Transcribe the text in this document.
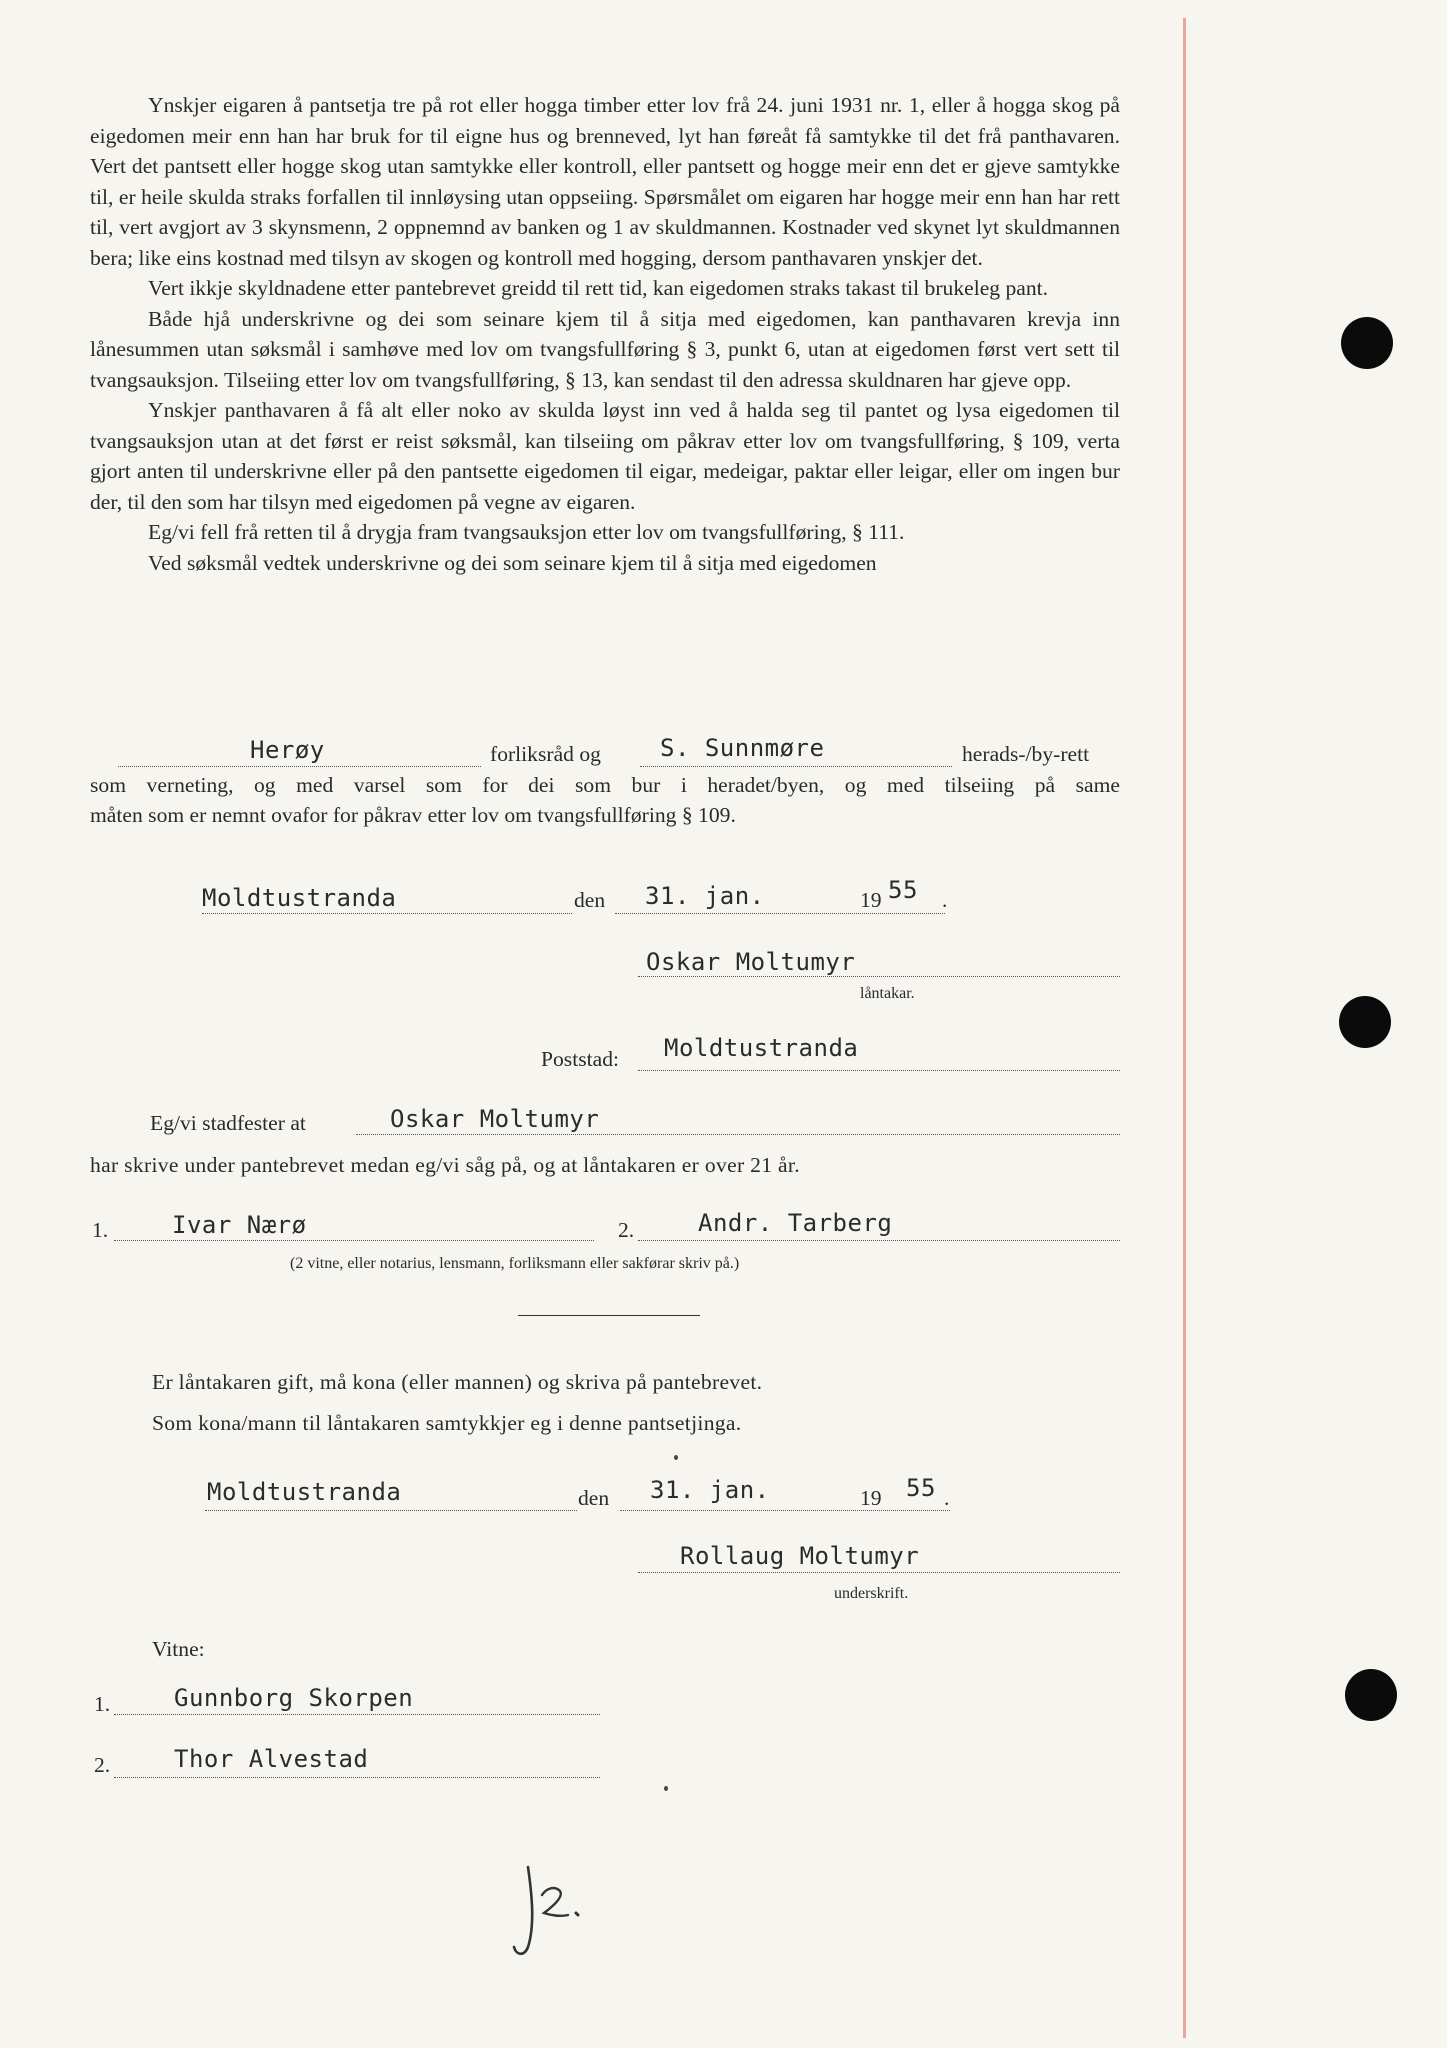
Ynskjer eigaren å pantsetja tre på rot eller hogga timber etter lov frå 24. juni 1931 nr. 1, eller å hogga skog på eigedomen meir enn han har bruk for til eigne hus og brenneved, lyt han føreåt få samtykke til det frå panthavaren. Vert det pantsett eller hogge skog utan samtykke eller kontroll, eller pantsett og hogge meir enn det er gjeve samtykke til, er heile skulda straks forfallen til innløysing utan oppseiing. Spørsmålet om eigaren har hogge meir enn han har rett til, vert avgjort av 3 skynsmenn, 2 oppnemnd av banken og 1 av skuldmannen. Kostnader ved skynet lyt skuldmannen bera; like eins kostnad med tilsyn av skogen og kontroll med hogging, dersom panthavaren ynskjer det.

Vert ikkje skyldnadene etter pantebrevet greidd til rett tid, kan eigedomen straks takast til brukeleg pant.

Både hjå underskrivne og dei som seinare kjem til å sitja med eigedomen, kan panthavaren krevja inn lånesummen utan søksmål i samhøve med lov om tvangsfullføring § 3, punkt 6, utan at eigedomen først vert sett til tvangsauksjon. Tilseiing etter lov om tvangsfullføring, § 13, kan sendast til den adressa skuldnaren har gjeve opp.

Ynskjer panthavaren å få alt eller noko av skulda løyst inn ved å halda seg til pantet og lysa eigedomen til tvangsauksjon utan at det først er reist søksmål, kan tilseiing om påkrav etter lov om tvangsfullføring, § 109, verta gjort anten til underskrivne eller på den pantsette eigedomen til eigar, medeigar, paktar eller leigar, eller om ingen bur der, til den som har tilsyn med eigedomen på vegne av eigaren.

Eg/vi fell frå retten til å drygja fram tvangsauksjon etter lov om tvangsfullføring, § 111.

Ved søksmål vedtek underskrivne og dei som seinare kjem til å sitja med eigedomen

Herøy	forliksråd og S. Sunnmøre	herads-/by-rett
som verneting, og med varsel som for dei som bur i heradet/byen, og med tilseiing på same
måten som er nemnt ovafor for påkrav etter lov om tvangsfullføring § 109.
Moldtustranda	den 31. jan.	19 55 .
Oskar Moltumyr
låntakar.
Poststad: Moldtustranda
Eg/vi stadfester at	Oskar Moltumyr
har skrive under pantebrevet medan eg/vi såg på, og at låntakaren er over 21 år.
1.	Ivar Nærø	2.	Andr. Tarberg
(2 vitne, eller notarius, lensmann, forliksmann eller sakførar skriv på.)
Er låntakaren gift, må kona (eller mannen) og skriva på pantebrevet.
Som kona/mann til låntakaren samtykkjer eg i denne pantsetjinga.
Moldtustranda	den 31. jan.	19 55 .
Rollaug Moltumyr
underskrift.
Vitne:
1.	Gunnborg Skorpen
2.	Thor Alvestad
